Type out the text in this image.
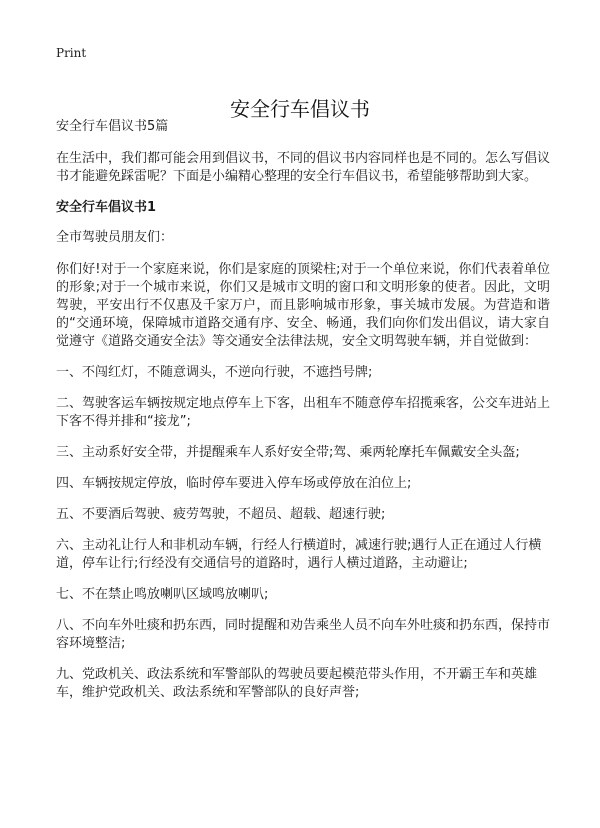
Print
安全行车倡议书

安全行车倡议书5篇

在生活中，我们都可能会用到倡议书，不同的倡议书内容同样也是不同的。怎么写倡议书才能避免踩雷呢？下面是小编精心整理的安全行车倡议书，希望能够帮助到大家。

安全行车倡议书1

全市驾驶员朋友们：

你们好!对于一个家庭来说，你们是家庭的顶梁柱;对于一个单位来说，你们代表着单位的形象;对于一个城市来说，你们又是城市文明的窗口和文明形象的使者。因此，文明驾驶，平安出行不仅惠及千家万户，而且影响城市形象，事关城市发展。为营造和谐的“交通环境，保障城市道路交通有序、安全、畅通，我们向你们发出倡议，请大家自觉遵守《道路交通安全法》等交通安全法律法规，安全文明驾驶车辆，并自觉做到：

一、不闯红灯，不随意调头，不逆向行驶，不遮挡号牌;

二、驾驶客运车辆按规定地点停车上下客，出租车不随意停车招揽乘客，公交车进站上下客不得并排和“接龙”;

三、主动系好安全带，并提醒乘车人系好安全带;驾、乘两轮摩托车佩戴安全头盔;

四、车辆按规定停放，临时停车要进入停车场或停放在泊位上;

五、不要酒后驾驶、疲劳驾驶，不超员、超载、超速行驶;

六、主动礼让行人和非机动车辆，行经人行横道时，减速行驶;遇行人正在通过人行横道，停车让行;行经没有交通信号的道路时，遇行人横过道路，主动避让;

七、不在禁止鸣放喇叭区域鸣放喇叭;

八、不向车外吐痰和扔东西，同时提醒和劝告乘坐人员不向车外吐痰和扔东西，保持市容环境整洁;

九、党政机关、政法系统和军警部队的驾驶员要起模范带头作用，不开霸王车和英雄车，维护党政机关、政法系统和军警部队的良好声誉;
